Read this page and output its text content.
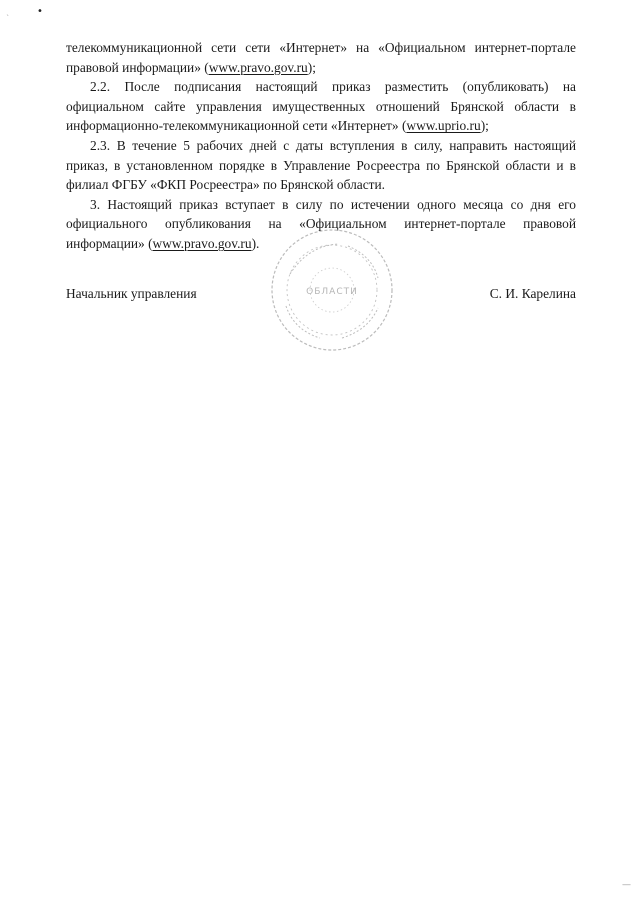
•
`
—

телекоммуникационной сети сети «Интернет» на «Официальном интернет-портале правовой информации» (www.pravo.gov.ru);

2.2. После подписания настоящий приказ разместить (опубликовать) на официальном сайте управления имущественных отношений Брянской области в информационно-телекоммуникационной сети «Интернет» (www.uprio.ru);

2.3. В течение 5 рабочих дней с даты вступления в силу, направить настоящий приказ, в установленном порядке в Управление Росреестра по Брянской области и в филиал ФГБУ «ФКП Росреестра» по Брянской области.

3. Настоящий приказ вступает в силу по истечении одного месяца со дня его официального опубликования на «Официальном интернет-портале правовой информации» (www.pravo.gov.ru).

ОБЛАСТИ
Начальник управления	С. И. Карелина
